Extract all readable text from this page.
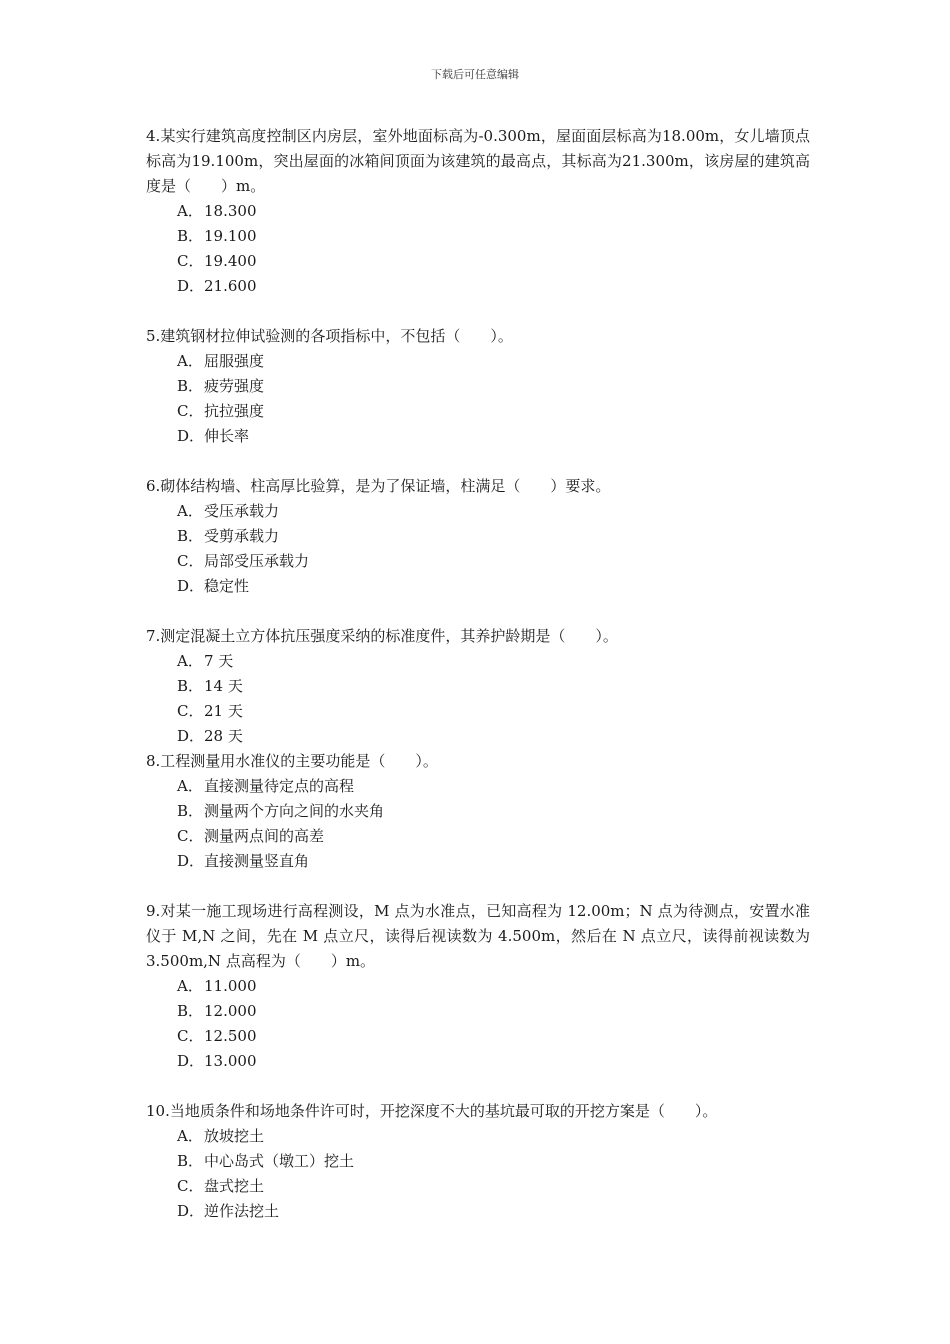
下载后可任意编辑
4.某实行建筑高度控制区内房层，室外地面标高为-0.300m，屋面面层标高为18.00m，女儿墙顶点标高为19.100m，突出屋面的冰箱间顶面为该建筑的最高点，其标高为21.300m，该房屋的建筑高度是（　　）m。
A．18.300
B．19.100
C．19.400
D．21.600
5.建筑钢材拉伸试验测的各项指标中，不包括（　　）。
A．屈服强度
B．疲劳强度
C．抗拉强度
D．伸长率
6.砌体结构墙、柱高厚比验算，是为了保证墙，柱满足（　　）要求。
A．受压承载力
B．受剪承载力
C．局部受压承载力
D．稳定性
7.测定混凝土立方体抗压强度采纳的标准度件，其养护龄期是（　　）。
A．7 天
B．14 天
C．21 天
D．28 天
8.工程测量用水准仪的主要功能是（　　）。
A．直接测量待定点的高程
B．测量两个方向之间的水夹角
C．测量两点间的高差
D．直接测量竖直角
9.对某一施工现场进行高程测设，M 点为水准点，已知高程为 12.00m；N 点为待测点，安置水准仪于 M,N 之间，先在 M 点立尺，读得后视读数为 4.500m，然后在 N 点立尺，读得前视读数为 3.500m,N 点高程为（　　）m。
A．11.000
B．12.000
C．12.500
D．13.000
10.当地质条件和场地条件许可时，开挖深度不大的基坑最可取的开挖方案是（　　）。
A．放坡挖土
B．中心岛式（墩工）挖土
C．盘式挖土
D．逆作法挖土
